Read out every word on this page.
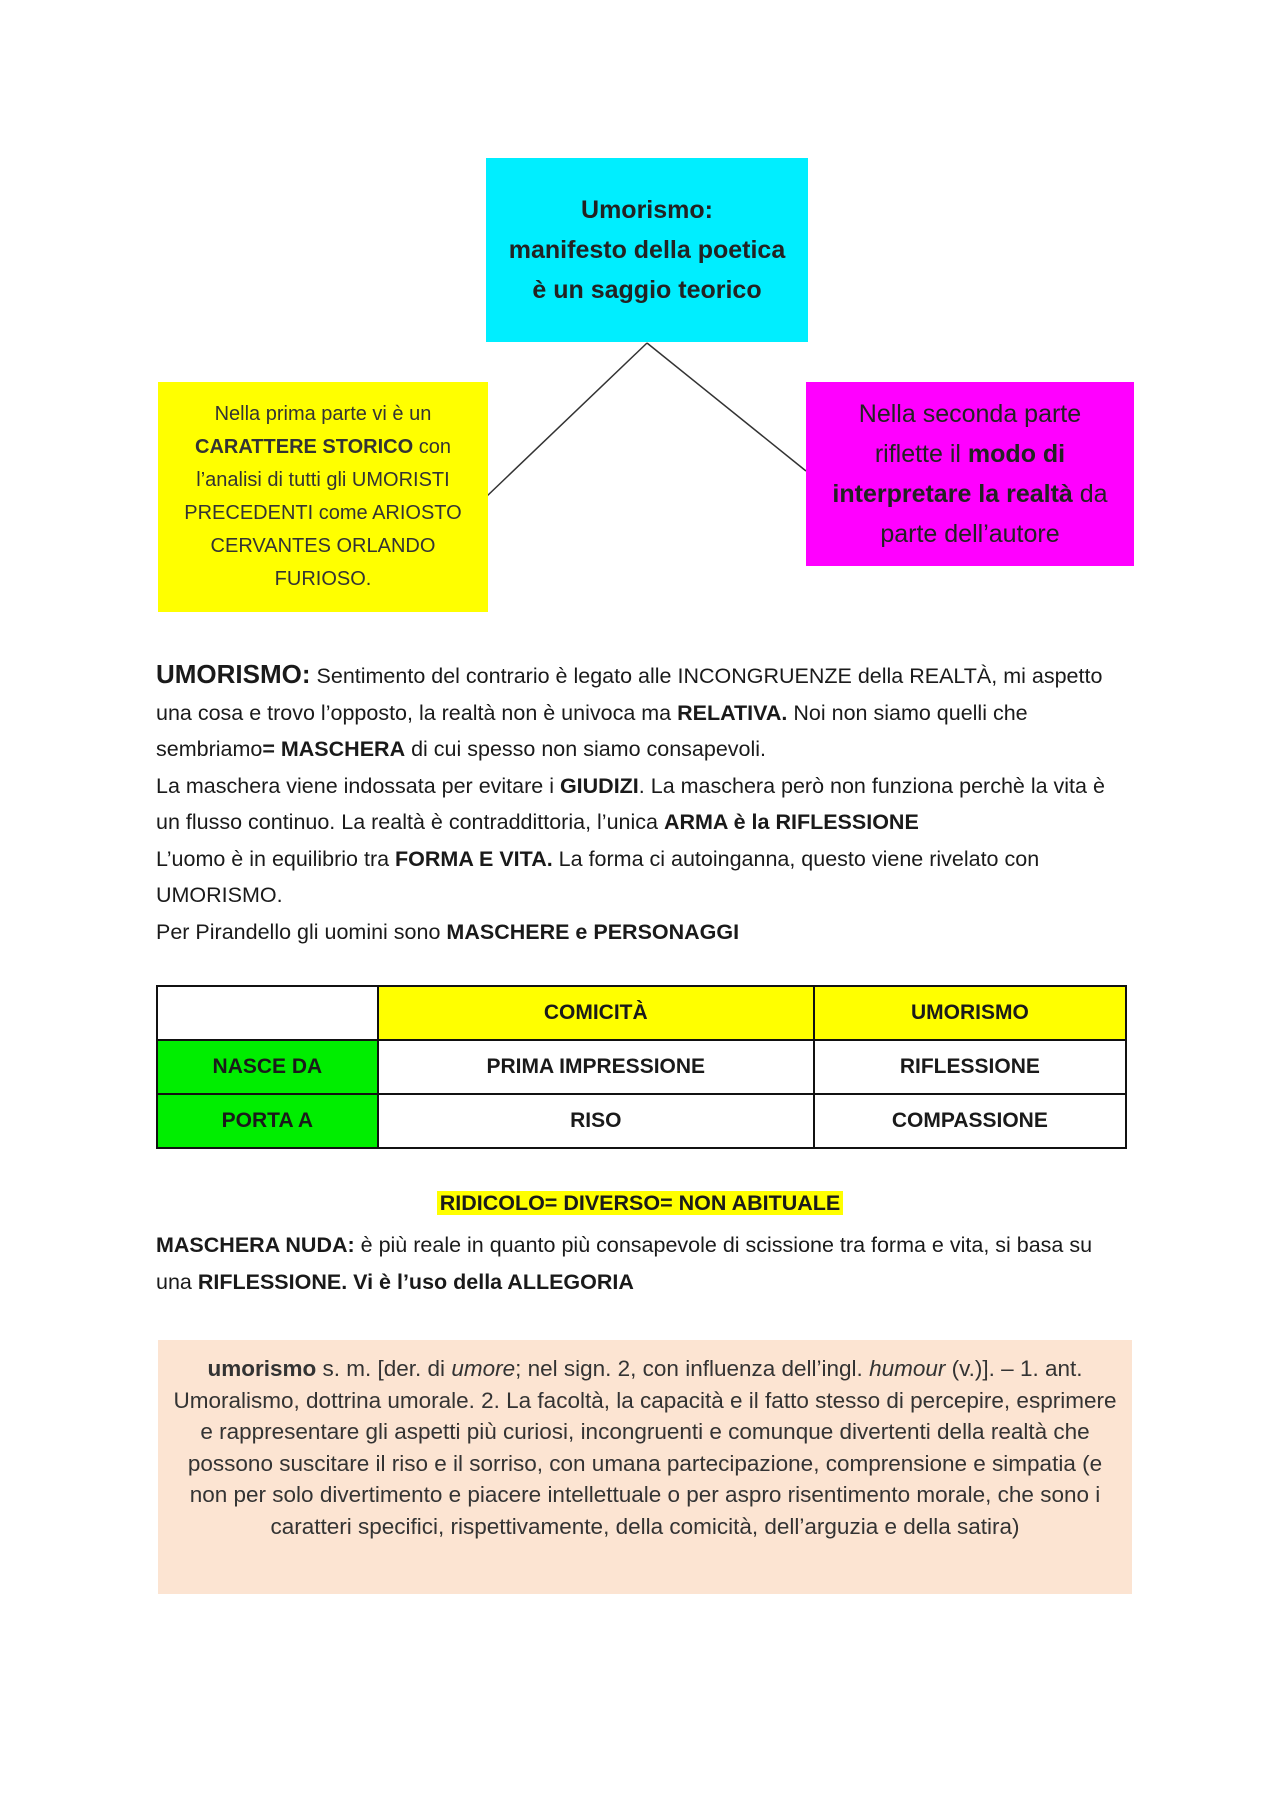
Umorismo:

manifesto della poetica

è un saggio teorico

Nella prima parte vi è un

CARATTERE STORICO con

l’analisi di tutti gli UMORISTI

PRECEDENTI come ARIOSTO

CERVANTES ORLANDO

FURIOSO.

Nella seconda parte

riflette il modo di

interpretare la realtà da

parte dell’autore

UMORISMO: Sentimento del contrario è legato alle INCONGRUENZE della REALTÀ, mi aspetto una cosa e trovo l’opposto, la realtà non è univoca ma RELATIVA. Noi non siamo quelli che sembriamo= MASCHERA di cui spesso non siamo consapevoli.

La maschera viene indossata per evitare i GIUDIZI. La maschera però non funziona perchè la vita è un flusso continuo. La realtà è contraddittoria, l’unica ARMA è la RIFLESSIONE

L’uomo è in equilibrio tra FORMA E VITA. La forma ci autoinganna, questo viene rivelato con UMORISMO.

Per Pirandello gli uomini sono MASCHERE e PERSONAGGI

	COMICITÀ	UMORISMO
NASCE DA	PRIMA IMPRESSIONE	RIFLESSIONE
PORTA A	RISO	COMPASSIONE
RIDICOLO= DIVERSO= NON ABITUALE

MASCHERA NUDA: è più reale in quanto più consapevole di scissione tra forma e vita, si basa su una RIFLESSIONE. Vi è l’uso della ALLEGORIA

umorismo s. m. [der. di umore; nel sign. 2, con influenza dell’ingl. humour (v.)]. – 1. ant. Umoralismo, dottrina umorale. 2. La facoltà, la capacità e il fatto stesso di percepire, esprimere e rappresentare gli aspetti più curiosi, incongruenti e comunque divertenti della realtà che possono suscitare il riso e il sorriso, con umana partecipazione, comprensione e simpatia (e non per solo divertimento e piacere intellettuale o per aspro risentimento morale, che sono i caratteri specifici, rispettivamente, della comicità, dell’arguzia e della satira)
